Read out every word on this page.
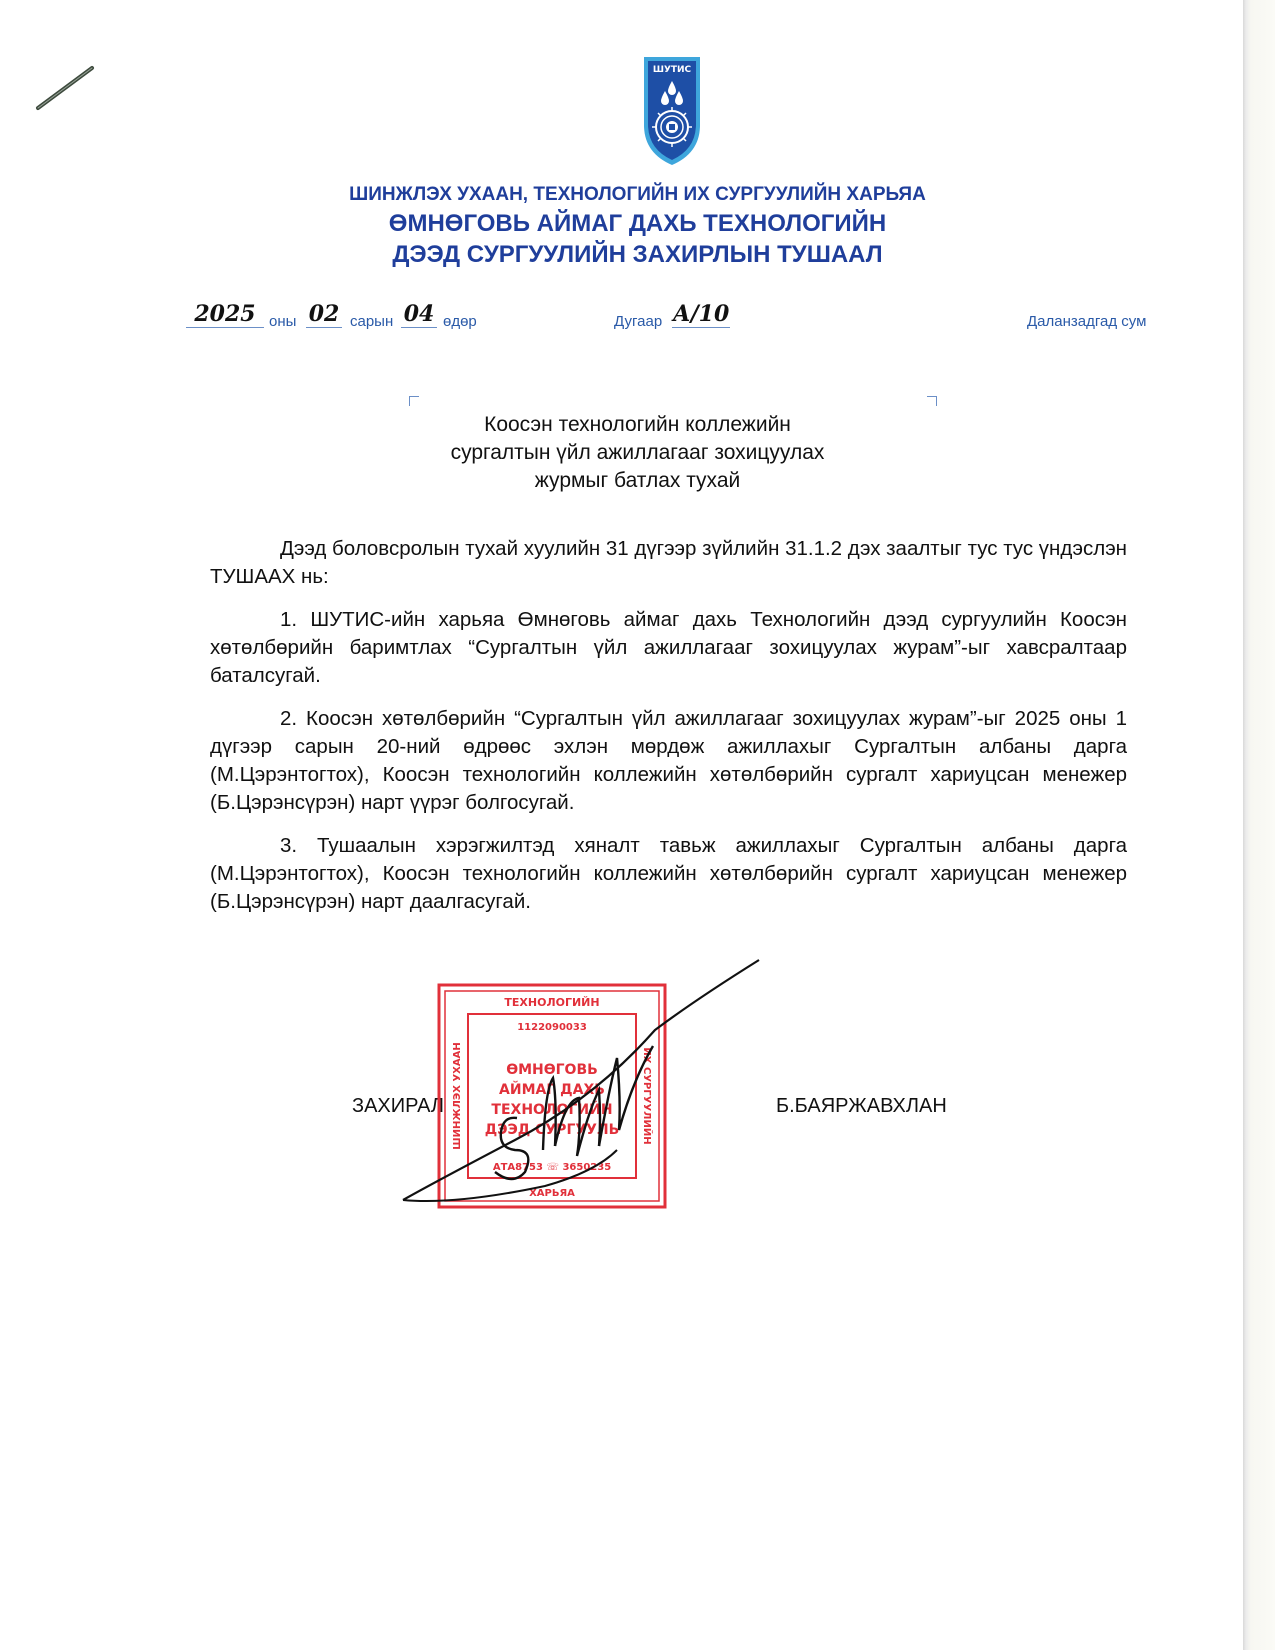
ШУТИС
ШИНЖЛЭХ УХААН, ТЕХНОЛОГИЙН ИХ СУРГУУЛИЙН ХАРЬЯА
ӨМНӨГОВЬ АЙМАГ ДАХЬ ТЕХНОЛОГИЙН
ДЭЭД СУРГУУЛИЙН ЗАХИРЛЫН ТУШААЛ
2025 оны 02 сарын 04 өдөр	Дугаар А/10	Даланзадгад сум
Коосэн технологийн коллежийн
сургалтын үйл ажиллагааг зохицуулах
журмыг батлах тухай

Дээд боловсролын тухай хуулийн 31 дүгээр зүйлийн 31.1.2 дэх заалтыг тус тус үндэслэн ТУШААХ нь:

1. ШУТИС-ийн харьяа Өмнөговь аймаг дахь Технологийн дээд сургуулийн Коосэн хөтөлбөрийн баримтлах “Сургалтын үйл ажиллагааг зохицуулах журам”-ыг хавсралтаар баталсугай.

2. Коосэн хөтөлбөрийн “Сургалтын үйл ажиллагааг зохицуулах журам”-ыг 2025 оны 1 дүгээр сарын 20-ний өдрөөс эхлэн мөрдөж ажиллахыг Сургалтын албаны дарга (М.Цэрэнтогтох), Коосэн технологийн коллежийн хөтөлбөрийн сургалт хариуцсан менежер (Б.Цэрэнсүрэн) нарт үүрэг болгосугай.

3. Тушаалын хэрэгжилтэд хяналт тавьж ажиллахыг Сургалтын албаны дарга (М.Цэрэнтогтох), Коосэн технологийн коллежийн хөтөлбөрийн сургалт хариуцсан менежер (Б.Цэрэнсүрэн) нарт даалгасугай.

ЗАХИРАЛ	Б.БАЯРЖАВХЛАН
ТЕХНОЛОГИЙН
1122090033
ӨМНӨГОВЬ
АЙМАГ ДАХЬ
ТЕХНОЛОГИЙН
ДЭЭД СУРГУУЛЬ
АТА8753 ☏ 3650235
ХАРЬЯА
ШИНЖЛЭХ УХААН	ИХ СУРГУУЛИЙН
